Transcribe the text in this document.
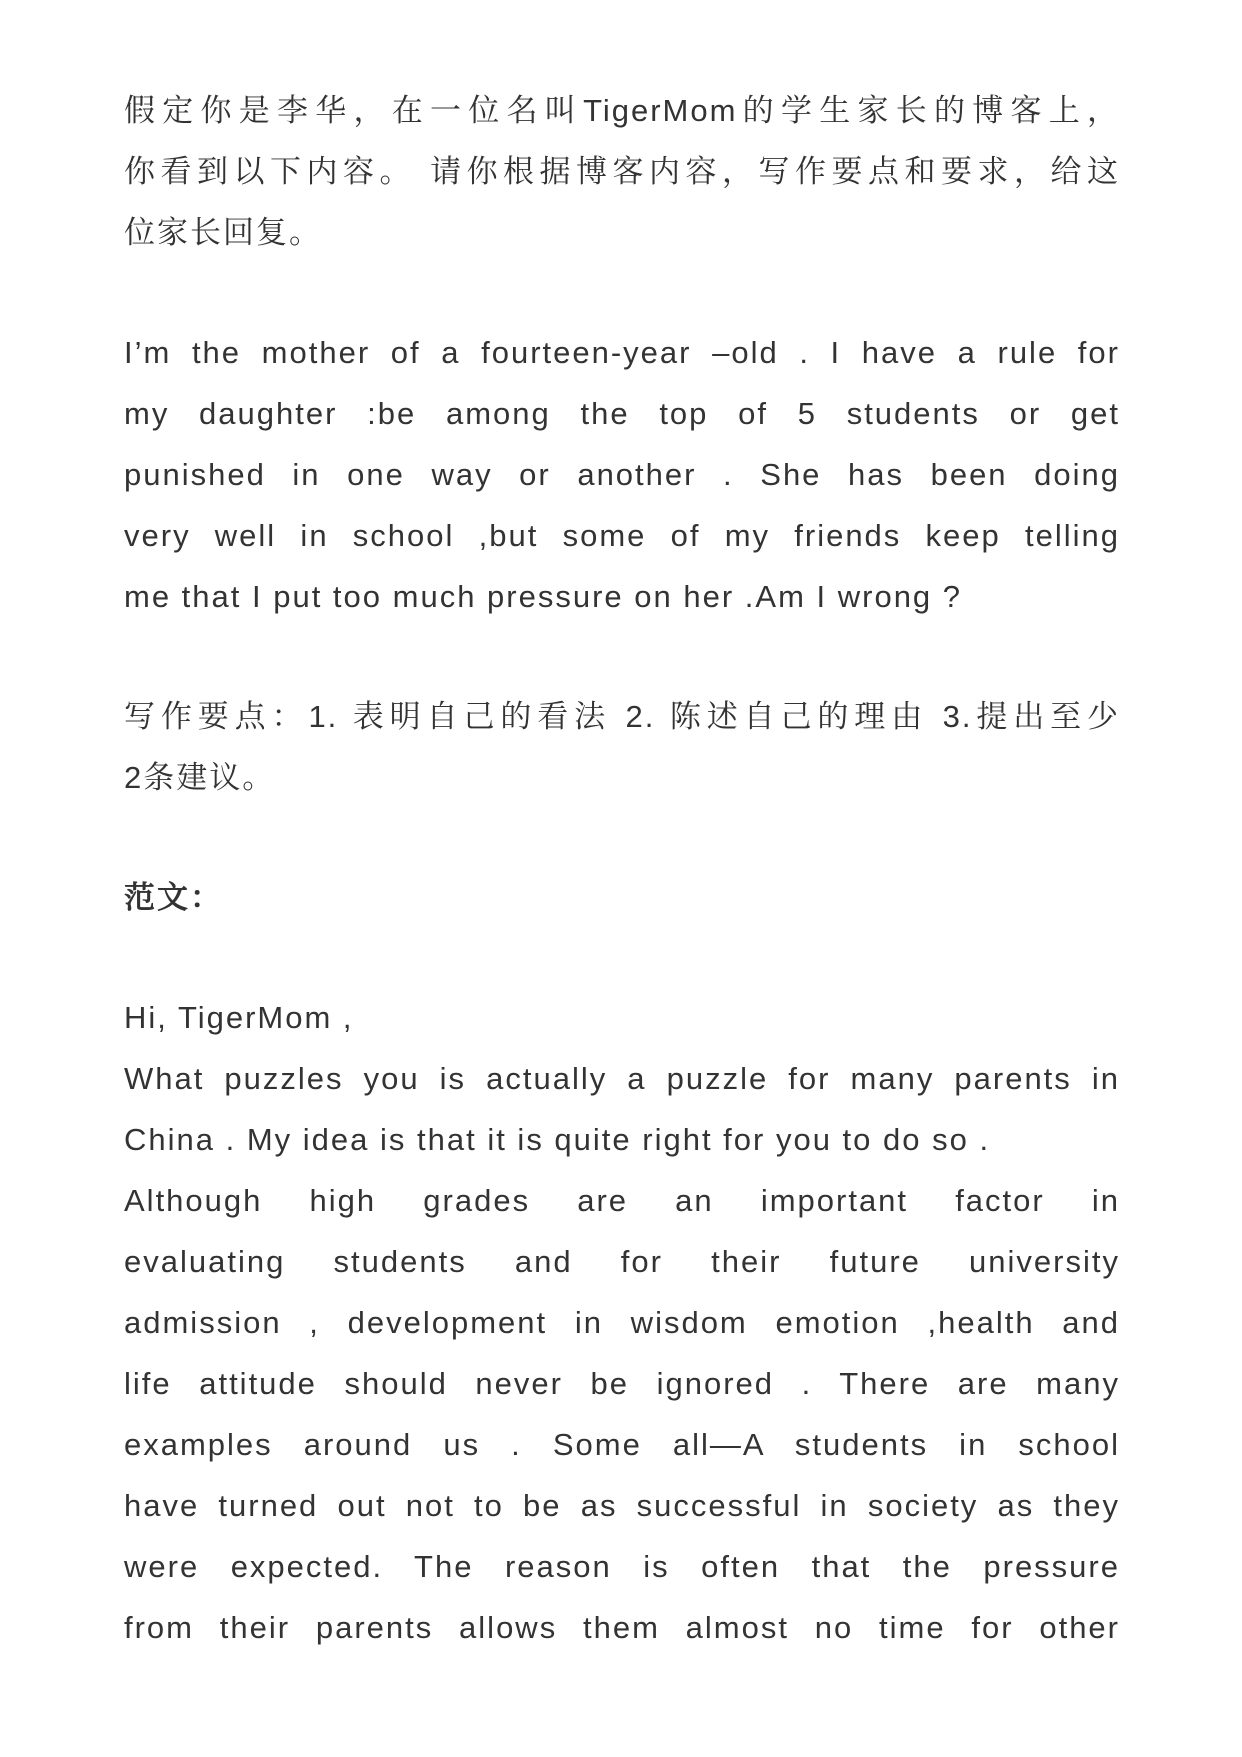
假定你是李华，在一位名叫TigerMom的学生家长的博客上，
你看到以下内容。 请你根据博客内容，写作要点和要求，给这
位家长回复。
I’m the mother of a fourteen-year –old . I have a rule for
my daughter :be among the top of 5 students or get
punished in one way or another . She has been doing
very well in school ,but some of my friends keep telling
me that I put too much pressure on her .Am I wrong ?
写作要点：1. 表明自己的看法 2. 陈述自己的理由 3.提出至少
2条建议。
范文：
Hi, TigerMom ,
What puzzles you is actually a puzzle for many parents in
China . My idea is that it is quite right for you to do so .
Although high grades are an important factor in
evaluating students and for their future university
admission , development in wisdom emotion ,health and
life attitude should never be ignored . There are many
examples around us . Some all—A students in school
have turned out not to be as successful in society as they
were expected. The reason is often that the pressure
from their parents allows them almost no time for other
